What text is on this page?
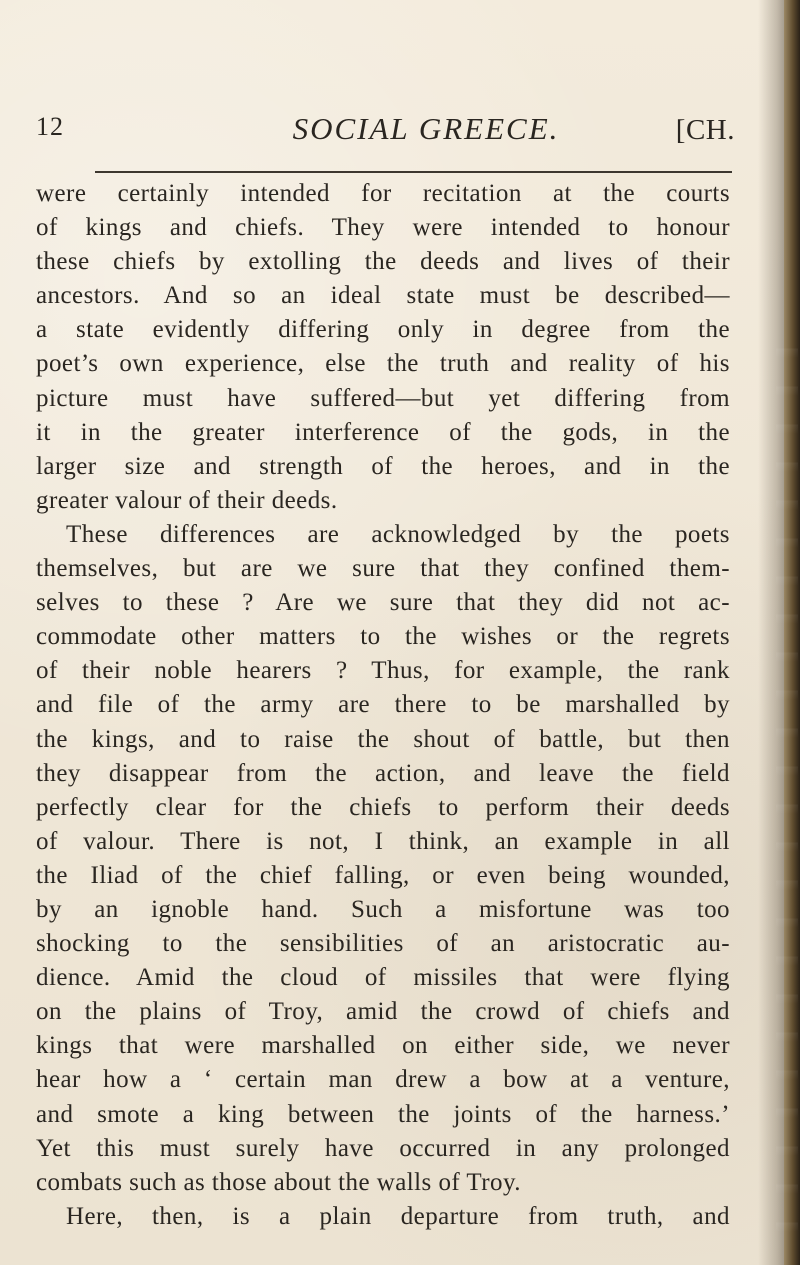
12	SOCIAL GREECE.	[CH.
were certainly intended for recitation at the courts
of kings and chiefs. They were intended to honour
these chiefs by extolling the deeds and lives of their
ancestors. And so an ideal state must be described—
a state evidently differing only in degree from the
poet’s own experience, else the truth and reality of his
picture must have suffered—but yet differing from
it in the greater interference of the gods, in the
larger size and strength of the heroes, and in the
greater valour of their deeds.
These differences are acknowledged by the poets
themselves, but are we sure that they confined them-
selves to these ? Are we sure that they did not ac-
commodate other matters to the wishes or the regrets
of their noble hearers ? Thus, for example, the rank
and file of the army are there to be marshalled by
the kings, and to raise the shout of battle, but then
they disappear from the action, and leave the field
perfectly clear for the chiefs to perform their deeds
of valour. There is not, I think, an example in all
the Iliad of the chief falling, or even being wounded,
by an ignoble hand. Such a misfortune was too
shocking to the sensibilities of an aristocratic au-
dience. Amid the cloud of missiles that were flying
on the plains of Troy, amid the crowd of chiefs and
kings that were marshalled on either side, we never
hear how a ‘ certain man drew a bow at a venture,
and smote a king between the joints of the harness.’
Yet this must surely have occurred in any prolonged
combats such as those about the walls of Troy.
Here, then, is a plain departure from truth, and
